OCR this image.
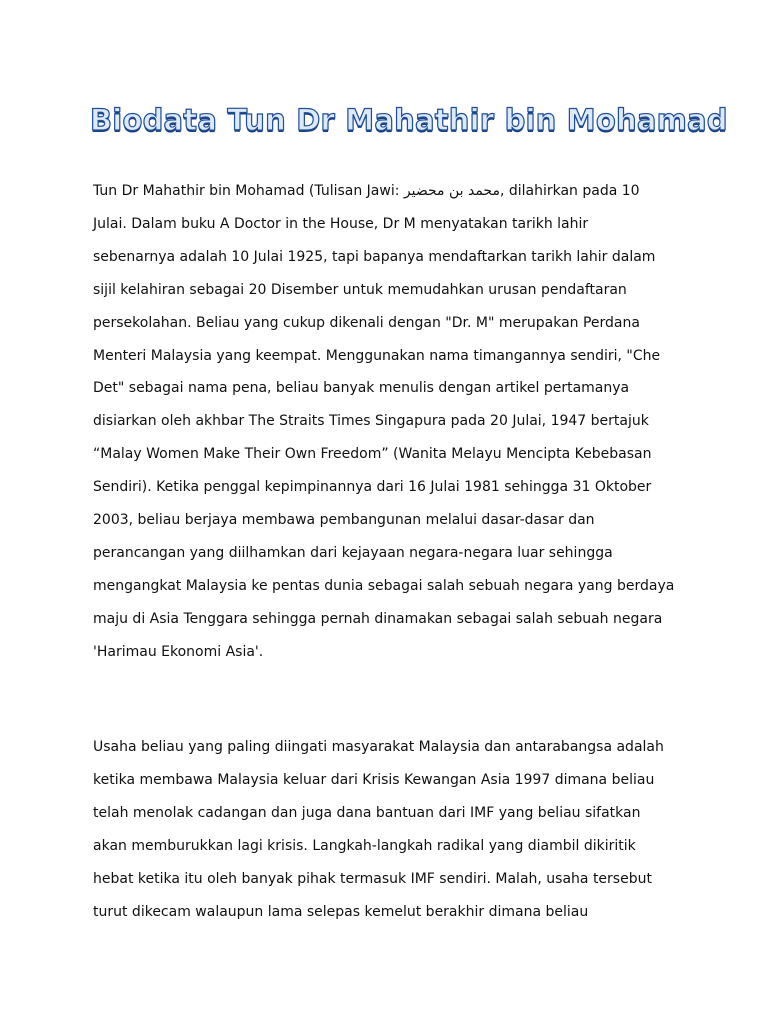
Biodata Tun Dr Mahathir bin Mohamad
Tun Dr Mahathir bin Mohamad (Tulisan Jawi: محمد بن محضير, dilahirkan pada 10
Julai. Dalam buku A Doctor in the House, Dr M menyatakan tarikh lahir
sebenarnya adalah 10 Julai 1925, tapi bapanya mendaftarkan tarikh lahir dalam
sijil kelahiran sebagai 20 Disember untuk memudahkan urusan pendaftaran
persekolahan. Beliau yang cukup dikenali dengan "Dr. M" merupakan Perdana
Menteri Malaysia yang keempat. Menggunakan nama timangannya sendiri, "Che
Det" sebagai nama pena, beliau banyak menulis dengan artikel pertamanya
disiarkan oleh akhbar The Straits Times Singapura pada 20 Julai, 1947 bertajuk
“Malay Women Make Their Own Freedom” (Wanita Melayu Mencipta Kebebasan
Sendiri). Ketika penggal kepimpinannya dari 16 Julai 1981 sehingga 31 Oktober
2003, beliau berjaya membawa pembangunan melalui dasar-dasar dan
perancangan yang diilhamkan dari kejayaan negara-negara luar sehingga
mengangkat Malaysia ke pentas dunia sebagai salah sebuah negara yang berdaya
maju di Asia Tenggara sehingga pernah dinamakan sebagai salah sebuah negara
'Harimau Ekonomi Asia'.
Usaha beliau yang paling diingati masyarakat Malaysia dan antarabangsa adalah
ketika membawa Malaysia keluar dari Krisis Kewangan Asia 1997 dimana beliau
telah menolak cadangan dan juga dana bantuan dari IMF yang beliau sifatkan
akan memburukkan lagi krisis. Langkah-langkah radikal yang diambil dikiritik
hebat ketika itu oleh banyak pihak termasuk IMF sendiri. Malah, usaha tersebut
turut dikecam walaupun lama selepas kemelut berakhir dimana beliau
